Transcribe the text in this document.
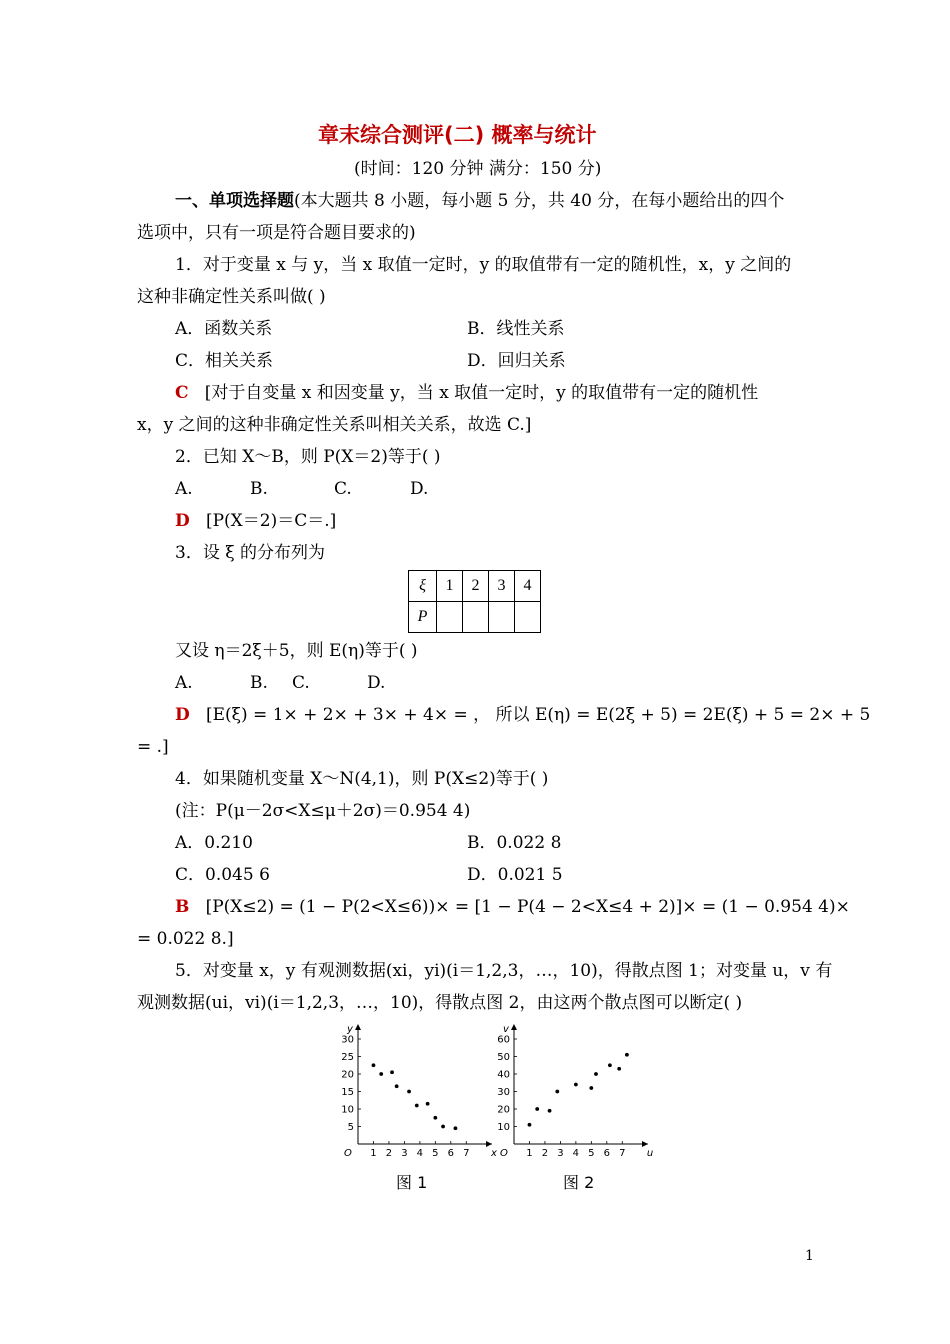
章末综合测评(二) 概率与统计
(时间：120 分钟 满分：150 分)
一、单项选择题(本大题共 8 小题，每小题 5 分，共 40 分，在每小题给出的四个
选项中，只有一项是符合题目要求的)
1．对于变量 x 与 y，当 x 取值一定时，y 的取值带有一定的随机性，x，y 之间的
这种非确定性关系叫做( )
A．函数关系	B．线性关系
C．相关关系	D．回归关系
C [对于自变量 x 和因变量 y，当 x 取值一定时，y 的取值带有一定的随机性
x，y 之间的这种非确定性关系叫相关关系，故选 C.]
2．已知 X～B，则 P(X＝2)等于( )
A.	B.	C.	D.
D [P(X＝2)＝C＝.]
3．设 ξ 的分布列为
ξ	1	2	3	4
P				
又设 η＝2ξ＋5，则 E(η)等于( )
A.	B. C.	D.
D [E(ξ) = 1× + 2× + 3× + 4× = ， 所以 E(η) = E(2ξ + 5) = 2E(ξ) + 5 = 2× + 5
= .]
4．如果随机变量 X～N(4,1)，则 P(X≤2)等于( )
(注：P(μ－2σ<X≤μ＋2σ)＝0.954 4)
A．0.210	B．0.022 8
C．0.045 6	D．0.021 5
B [P(X≤2) = (1 − P(2<X≤6))× = [1 − P(4 − 2<X≤4 + 2)]× = (1 − 0.954 4)×
= 0.022 8.]
5．对变量 x，y 有观测数据(xi，yi)(i＝1,2,3，…，10)，得散点图 1；对变量 u，v 有
观测数据(ui，vi)(i＝1,2,3，…，10)，得散点图 2，由这两个散点图可以断定( )
O 1 2 3 4 5 6 7
5
10
15
20
25
30
x
y
O 1 2 3 4 5 6 7
10
20
30
40
50
60
u
v
图 1	图 2
1
